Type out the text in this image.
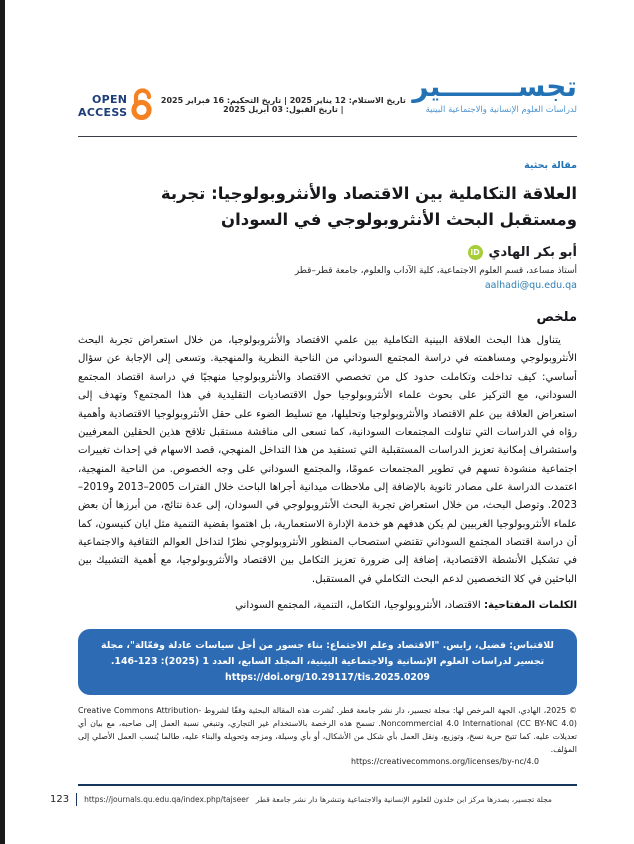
تجســــــــير
لدراسات العلوم الإنسانية والاجتماعية البينية
تاريخ الاستلام: 12 يناير 2025 | تاريخ التحكيم: 16 فبراير 2025 | تاريخ القبول: 03 أبريل 2025
OPEN
ACCESS
مقالة بحثية
العلاقة التكاملية بين الاقتصاد والأنثروبولوجيا: تجربة ومستقبل البحث الأنثروبولوجي في السودان
أبو بكر الهادي
iD
أستاذ مساعد، قسم العلوم الاجتماعية، كلية الآداب والعلوم، جامعة قطر–قطر
aalhadi@qu.edu.qa
ملخص

يتناول هذا البحث العلاقة البينية التكاملية بين علمي الاقتصاد والأنثروبولوجيا، من خلال استعراض تجربة البحث الأنثروبولوجي ومساهمته في دراسة المجتمع السوداني من الناحية النظرية والمنهجية. وتسعى إلى الإجابة عن سؤال أساسي: كيف تداخلت وتكاملت حدود كل من تخصصي الاقتصاد والأنثروبولوجيا منهجيًا في دراسة اقتصاد المجتمع السوداني، مع التركيز على بحوث علماء الأنثروبولوجيا حول الاقتصاديات التقليدية في هذا المجتمع؟ وتهدف إلى استعراض العلاقة بين علم الاقتصاد والأنثروبولوجيا وتحليلها، مع تسليط الضوء على حقل الأنثروبولوجيا الاقتصادية وأهمية رؤاه في الدراسات التي تناولت المجتمعات السودانية، كما تسعى الى مناقشة مستقبل تلاقح هذين الحقلين المعرفيين واستشراف إمكانية تعزيز الدراسات المستقبلية التي تستفيد من هذا التداخل المنهجي، قصد الاسهام في إحداث تغييرات اجتماعية منشودة تسهم في تطوير المجتمعات عمومًا، والمجتمع السوداني على وجه الخصوص. من الناحية المنهجية، اعتمدت الدراسة على مصادر ثانوية بالإضافة إلى ملاحظات ميدانية أجراها الباحث خلال الفترات 2005–2013 و2019–2023. وتوصل البحث، من خلال استعراض تجربة البحث الأنثروبولوجي في السودان، إلى عدة نتائج، من أبرزها أن بعض علماء الأنثروبولوجيا الغربيين لم يكن هدفهم هو خدمة الإدارة الاستعمارية، بل اهتموا بقضية التنمية مثل ايان كنيسون، كما أن دراسة اقتصاد المجتمع السوداني تقتضي استصحاب المنظور الأنثروبولوجي نظرًا لتداخل العوالم الثقافية والاجتماعية في تشكيل الأنشطة الاقتصادية، إضافة إلى ضرورة تعزيز التكامل بين الاقتصاد والأنثروبولوجيا، مع أهمية التشبيك بين الباحثين في كلا التخصصين لدعم البحث التكاملي في المستقبل.

الكلمات المفتاحية: الاقتصاد، الأنثروبولوجيا، التكامل، التنمية، المجتمع السوداني

للاقتباس: فضيل، رايس. "الاقتصاد وعلم الاجتماع: بناء جسور من أجل سياسات عادلة وفعّالة"، مجلة تجسير لدراسات العلوم الإنسانية والاجتماعية البينية، المجلد السابع، العدد 1 (2025): 123-146. https://doi.org/10.29117/tis.2025.0209

© 2025، الهادي، الجهة المرخص لها: مجلة تجسير، دار نشر جامعة قطر. نُشرت هذه المقالة البحثية وفقًا لشروط Creative Commons Attribution-Noncommercial 4.0 International (CC BY-NC 4.0). تسمح هذه الرخصة بالاستخدام غير التجاري، وتنبغي نسبة العمل إلى صاحبه، مع بيان أي تعديلات عليه. كما تتيح حرية نسخ، وتوزيع، ونقل العمل بأي شكل من الأشكال، أو بأي وسيلة، ومزجه وتحويله والبناء عليه، طالما يُنسب العمل الأصلي إلى المؤلف.

https://creativecommons.org/licenses/by-nc/4.0
123 https://journals.qu.edu.qa/index.php/tajseer مجلة تجسير، يصدرها مركز ابن خلدون للعلوم الإنسانية والاجتماعية وتنشرها دار نشر جامعة قطر
